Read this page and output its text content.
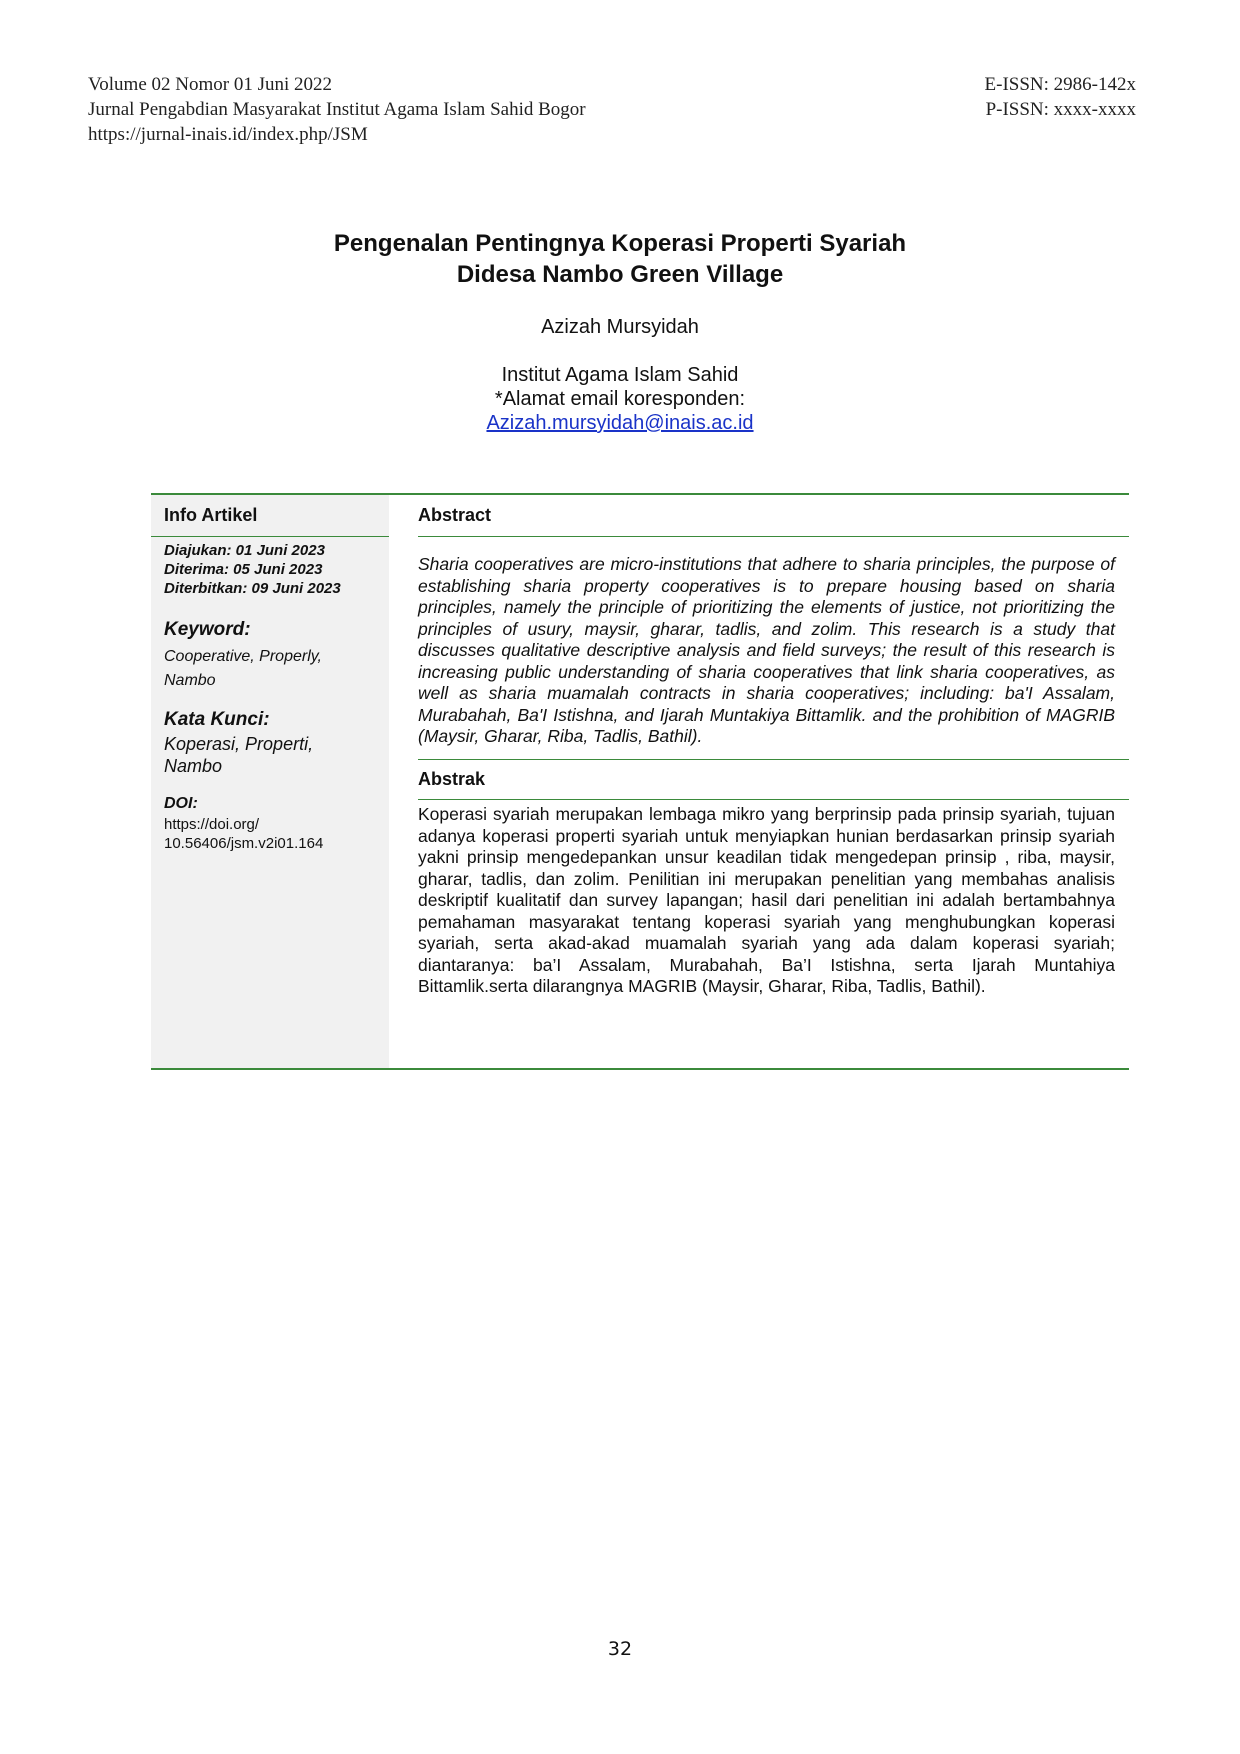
Volume 02 Nomor 01 Juni 2022
Jurnal Pengabdian Masyarakat Institut Agama Islam Sahid Bogor
https://jurnal-inais.id/index.php/JSM
E-ISSN: 2986-142x
P-ISSN: xxxx-xxxx
Pengenalan Pentingnya Koperasi Properti Syariah
Didesa Nambo Green Village
Azizah Mursyidah
Institut Agama Islam Sahid
*Alamat email koresponden:
Azizah.mursyidah@inais.ac.id
Info Artikel
Diajukan: 01 Juni 2023
Diterima: 05 Juni 2023
Diterbitkan: 09 Juni 2023
Keyword:
Cooperative, Properly, Nambo
Kata Kunci:
Koperasi, Properti, Nambo
DOI:
https://doi.org/
10.56406/jsm.v2i01.164
Abstract
Sharia cooperatives are micro-institutions that adhere to sharia principles, the purpose of establishing sharia property cooperatives is to prepare housing based on sharia principles, namely the principle of prioritizing the elements of justice, not prioritizing the principles of usury, maysir, gharar, tadlis, and zolim. This research is a study that discusses qualitative descriptive analysis and field surveys; the result of this research is increasing public understanding of sharia cooperatives that link sharia cooperatives, as well as sharia muamalah contracts in sharia cooperatives; including: ba'I Assalam, Murabahah, Ba'I Istishna, and Ijarah Muntakiya Bittamlik. and the prohibition of MAGRIB (Maysir, Gharar, Riba, Tadlis, Bathil).
Abstrak
Koperasi syariah merupakan lembaga mikro yang berprinsip pada prinsip syariah, tujuan adanya koperasi properti syariah untuk menyiapkan hunian berdasarkan prinsip syariah yakni prinsip mengedepankan unsur keadilan tidak mengedepan prinsip , riba, maysir, gharar, tadlis, dan zolim. Penilitian ini merupakan penelitian yang membahas analisis deskriptif kualitatif dan survey lapangan; hasil dari penelitian ini adalah bertambahnya pemahaman masyarakat tentang koperasi syariah yang menghubungkan koperasi syariah, serta akad-akad muamalah syariah yang ada dalam koperasi syariah; diantaranya: ba’I Assalam, Murabahah, Ba’I Istishna, serta Ijarah Muntahiya Bittamlik.serta dilarangnya MAGRIB (Maysir, Gharar, Riba, Tadlis, Bathil).
32
